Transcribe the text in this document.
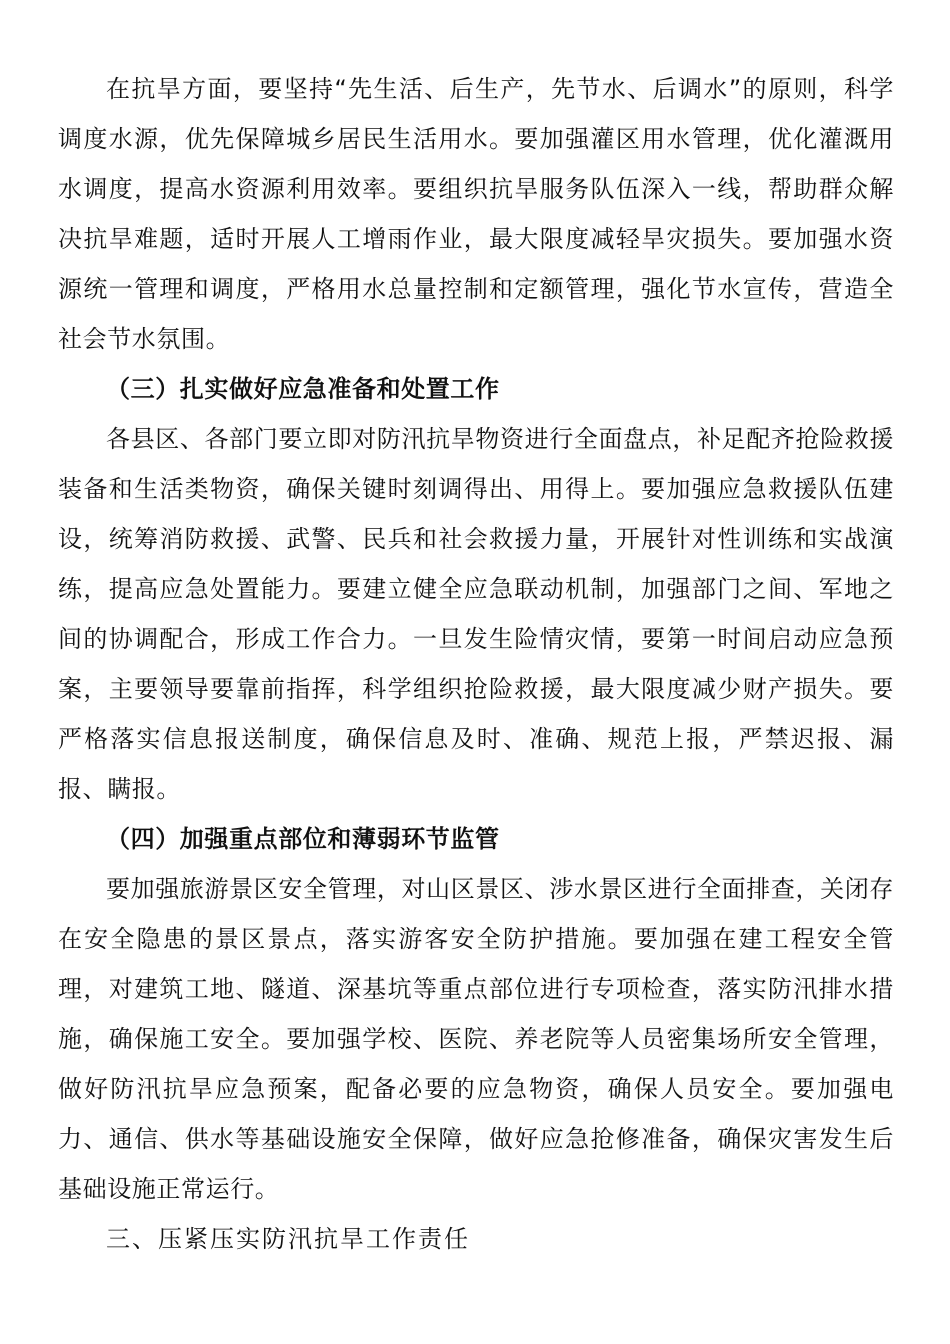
在抗旱方面，要坚持“先生活、后生产，先节水、后调水”的原则，科学调度水源，优先保障城乡居民生活用水。要加强灌区用水管理，优化灌溉用水调度，提高水资源利用效率。要组织抗旱服务队伍深入一线，帮助群众解决抗旱难题，适时开展人工增雨作业，最大限度减轻旱灾损失。要加强水资源统一管理和调度，严格用水总量控制和定额管理，强化节水宣传，营造全社会节水氛围。

（三）扎实做好应急准备和处置工作

各县区、各部门要立即对防汛抗旱物资进行全面盘点，补足配齐抢险救援装备和生活类物资，确保关键时刻调得出、用得上。要加强应急救援队伍建设，统筹消防救援、武警、民兵和社会救援力量，开展针对性训练和实战演练，提高应急处置能力。要建立健全应急联动机制，加强部门之间、军地之间的协调配合，形成工作合力。一旦发生险情灾情，要第一时间启动应急预案，主要领导要靠前指挥，科学组织抢险救援，最大限度减少财产损失。要严格落实信息报送制度，确保信息及时、准确、规范上报，严禁迟报、漏报、瞒报。

（四）加强重点部位和薄弱环节监管

要加强旅游景区安全管理，对山区景区、涉水景区进行全面排查，关闭存在安全隐患的景区景点，落实游客安全防护措施。要加强在建工程安全管理，对建筑工地、隧道、深基坑等重点部位进行专项检查，落实防汛排水措施，确保施工安全。要加强学校、医院、养老院等人员密集场所安全管理，做好防汛抗旱应急预案，配备必要的应急物资，确保人员安全。要加强电力、通信、供水等基础设施安全保障，做好应急抢修准备，确保灾害发生后基础设施正常运行。

三、压紧压实防汛抗旱工作责任
